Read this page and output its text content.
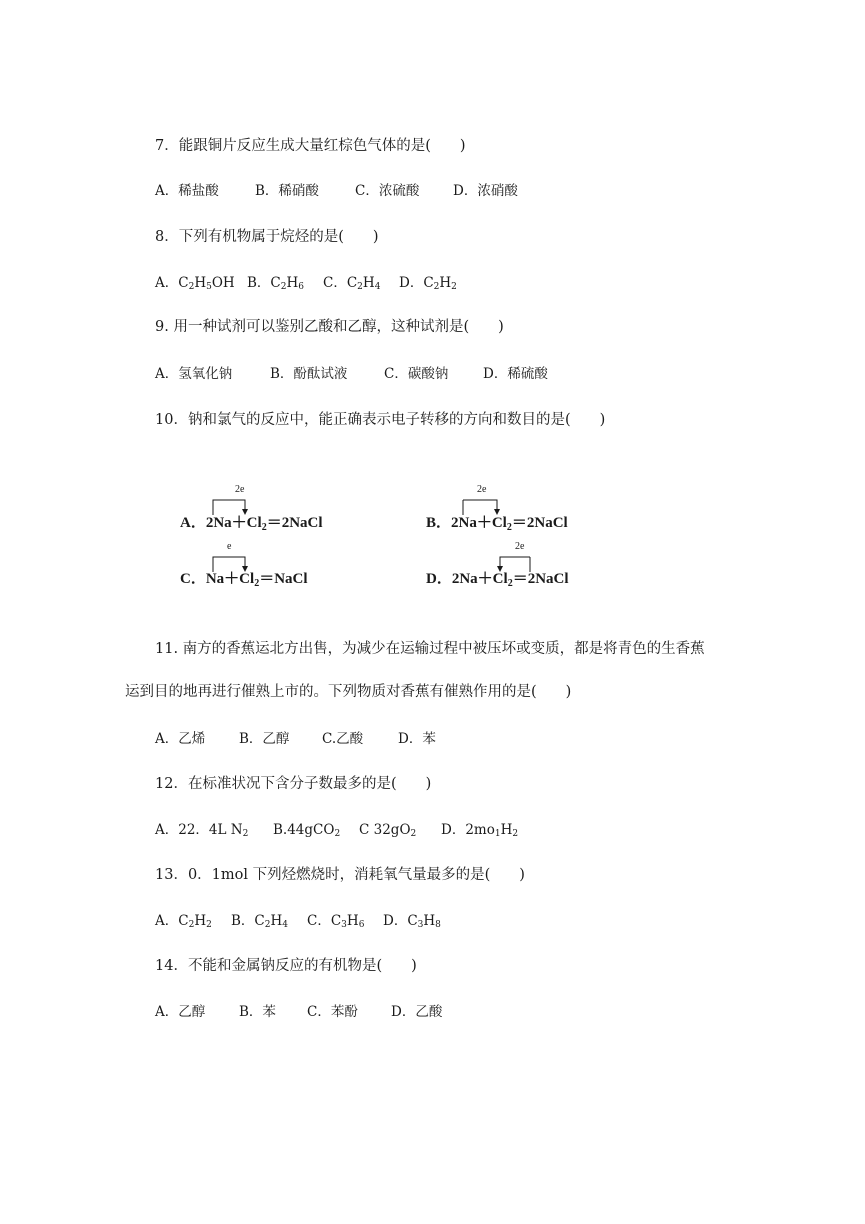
7．能跟铜片反应生成大量红棕色气体的是(　　)
A．稀盐酸	B．稀硝酸	C．浓硫酸 D．浓硝酸
8．下列有机物属于烷烃的是(　　)
A．$C_2H_5OH$ B．$C_2H_6$ C．$C_2H_4$ D．$C_2H_2$
9. 用一种试剂可以鉴别乙酸和乙醇，这种试剂是(　　)
A．氢氧化钠	B．酚酞试液	C．碳酸钠	D．稀硫酸
10．钠和氯气的反应中，能正确表示电子转移的方向和数目的是(　　)
2e
A．$2Na+Cl_2=2NaCl$
2e
B．$2Na+Cl_2=2NaCl$
e
C．$Na+Cl_2=NaCl$
2e
D．$2Na+Cl_2=2NaCl$
11. 南方的香蕉运北方出售，为减少在运输过程中被压坏或变质，都是将青色的生香蕉
运到目的地再进行催熟上市的。下列物质对香蕉有催熟作用的是(　　)
A．乙烯	B．乙醇 C.乙酸	D．苯
12．在标准状况下含分子数最多的是(　　)
A．22．4L $N_2$ B.44gCO$_2$ C $32gO_2$ D．$2mo_1H_2$
13．0．1mol 下列烃燃烧时，消耗氧气量最多的是(　　)
A．$C_2H_2$ B．$C_2H_4$ C．$C_3H_6$ D．$C_3H_8$
14．不能和金属钠反应的有机物是(　　)
A．乙醇	B．苯 C．苯酚 D．乙酸
